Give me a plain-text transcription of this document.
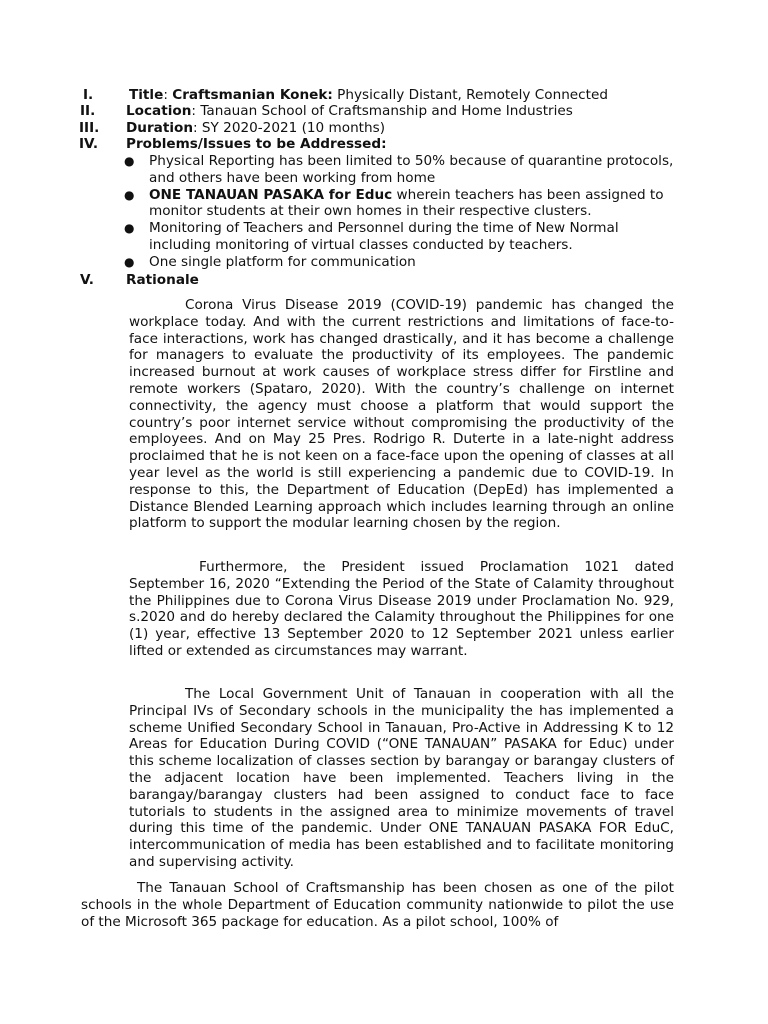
I.	Title: Craftsmanian Konek: Physically Distant, Remotely Connected
II. Location: Tanauan School of Craftsmanship and Home Industries
III. Duration: SY 2020-2021 (10 months)
IV. Problems/Issues to be Addressed:
● Physical Reporting has been limited to 50% because of quarantine protocols, and others have been working from home
● ONE TANAUAN PASAKA for Educ wherein teachers has been assigned to monitor students at their own homes in their respective clusters.
● Monitoring of Teachers and Personnel during the time of New Normal including monitoring of virtual classes conducted by teachers.
● One single platform for communication
V. Rationale

Corona Virus Disease 2019 (COVID-19) pandemic has changed the workplace today. And with the current restrictions and limitations of face-to-face interactions, work has changed drastically, and it has become a challenge for managers to evaluate the productivity of its employees. The pandemic increased burnout at work causes of workplace stress differ for Firstline and remote workers (Spataro, 2020). With the country’s challenge on internet connectivity, the agency must choose a platform that would support the country’s poor internet service without compromising the productivity of the employees. And on May 25 Pres. Rodrigo R. Duterte in a late-night address proclaimed that he is not keen on a face-face upon the opening of classes at all year level as the world is still experiencing a pandemic due to COVID-19. In response to this, the Department of Education (DepEd) has implemented a Distance Blended Learning approach which includes learning through an online platform to support the modular learning chosen by the region.

Furthermore, the President issued Proclamation 1021 dated September 16, 2020 “Extending the Period of the State of Calamity throughout the Philippines due to Corona Virus Disease 2019 under Proclamation No. 929, s.2020 and do hereby declared the Calamity throughout the Philippines for one (1) year, effective 13 September 2020 to 12 September 2021 unless earlier lifted or extended as circumstances may warrant.

The Local Government Unit of Tanauan in cooperation with all the Principal IVs of Secondary schools in the municipality the has implemented a scheme Unified Secondary School in Tanauan, Pro-Active in Addressing K to 12 Areas for Education During COVID (“ONE TANAUAN” PASAKA for Educ) under this scheme localization of classes section by barangay or barangay clusters of the adjacent location have been implemented. Teachers living in the barangay/barangay clusters had been assigned to conduct face to face tutorials to students in the assigned area to minimize movements of travel during this time of the pandemic. Under ONE TANAUAN PASAKA FOR EduC, intercommunication of media has been established and to facilitate monitoring and supervising activity.

The Tanauan School of Craftsmanship has been chosen as one of the pilot schools in the whole Department of Education community nationwide to pilot the use of the Microsoft 365 package for education. As a pilot school, 100% of
